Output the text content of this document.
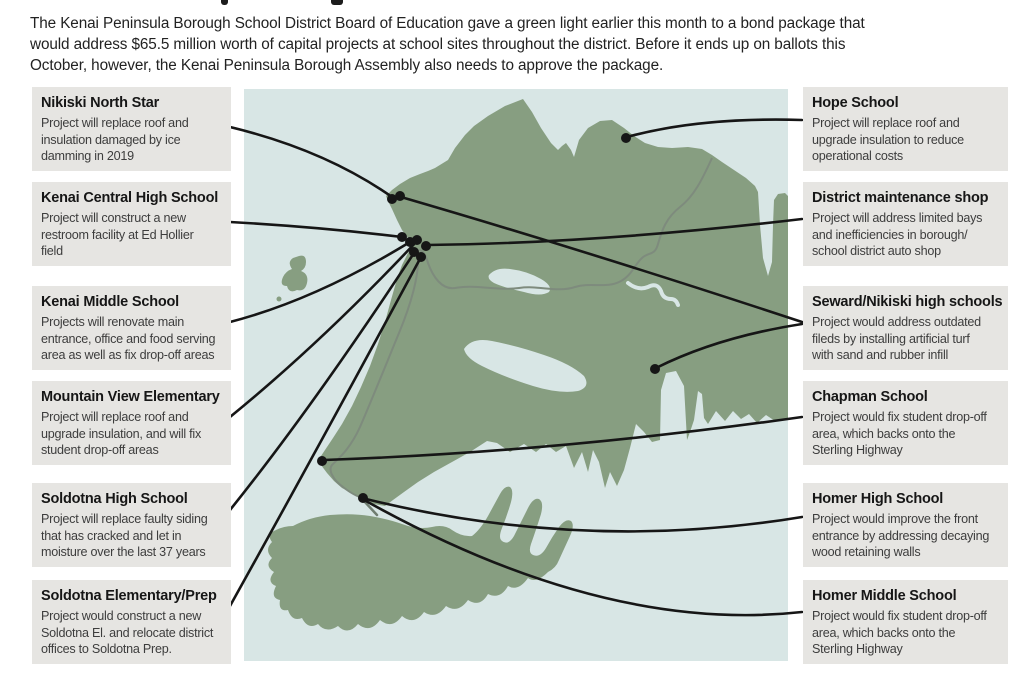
The Kenai Peninsula Borough School District Board of Education gave a green light earlier this month to a bond package that
would address $65.5 million worth of capital projects at school sites throughout the district. Before it ends up on ballots this
October, however, the Kenai Peninsula Borough Assembly also needs to approve the package.
Nikiski North Star
Project will replace roof and
insulation damaged by ice
damming in 2019
Kenai Central High School
Project will construct a new
restroom facility at Ed Hollier
field
Kenai Middle School
Projects will renovate main
entrance, office and food serving
area as well as fix drop-off areas
Mountain View Elementary
Project will replace roof and
upgrade insulation, and will fix
student drop-off areas
Soldotna High School
Project will replace faulty siding
that has cracked and let in
moisture over the last 37 years
Soldotna Elementary/Prep
Project would construct a new
Soldotna El. and relocate district
offices to Soldotna Prep.
Hope School
Project will replace roof and
upgrade insulation to reduce
operational costs
District maintenance shop
Project will address limited bays
and inefficiencies in borough/
school district auto shop
Seward/Nikiski high schools
Project would address outdated
fileds by installing artificial turf
with sand and rubber infill
Chapman School
Project would fix student drop-off
area, which backs onto the
Sterling Highway
Homer High School
Project would improve the front
entrance by addressing decaying
wood retaining walls
Homer Middle School
Project would fix student drop-off
area, which backs onto the
Sterling Highway
